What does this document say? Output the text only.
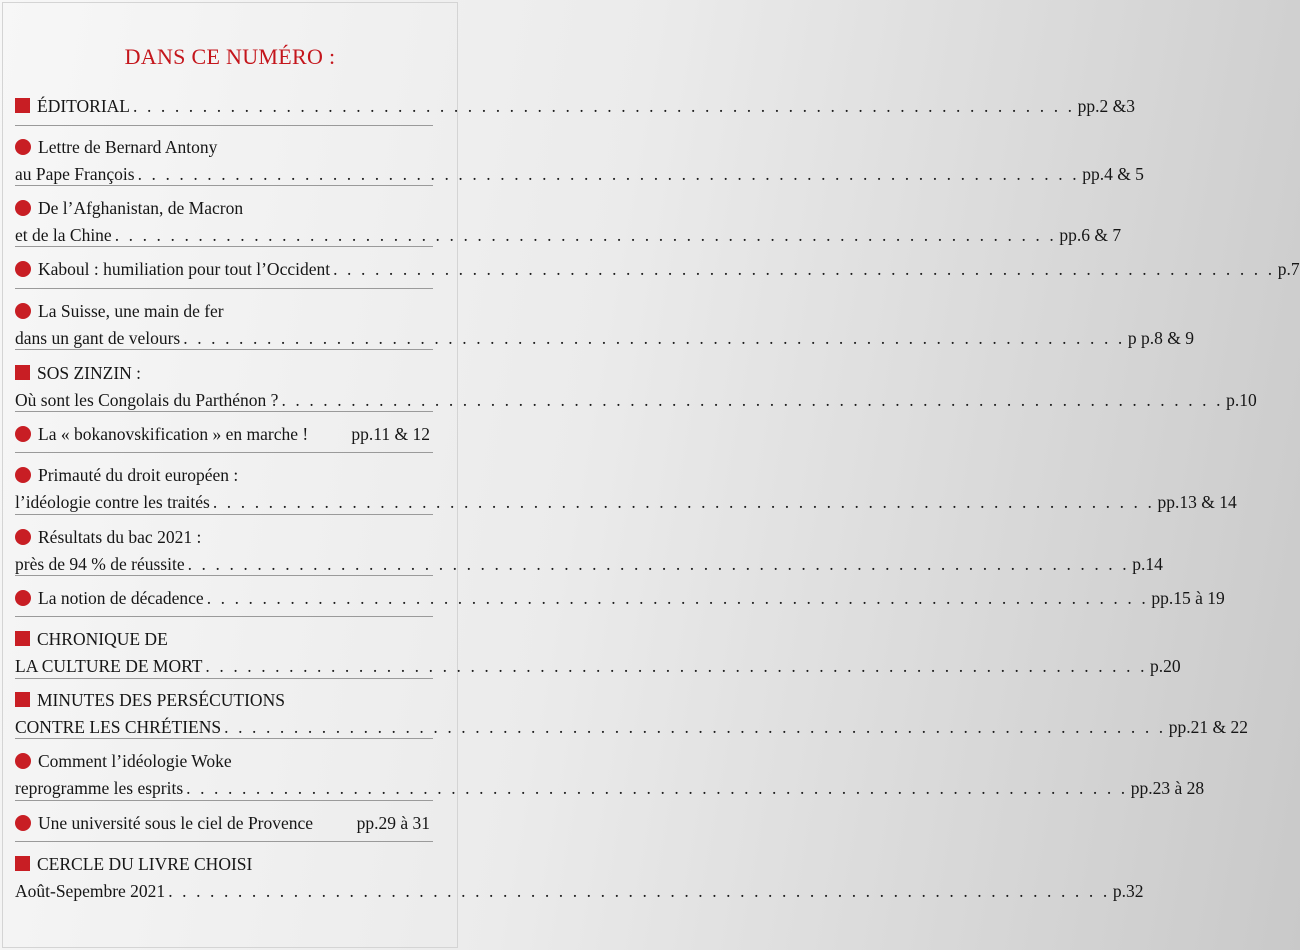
DANS CE NUMÉRO :
ÉDITORIAL . . . . . . . . . . . . . . . . . . . . . . . . . . . . . . . . . . . . . . . . . . . . . . . . . . . . . . . . . . . . . . . . . . . . pp.2 &3
Lettre de Bernard Antony
au Pape François . . . . . . . . . . . . . . . . . . . . . . . . . . . . . . . . . . . . . . . . . . . . . . . . . . . . . . . . . . . . . . . . . . . . pp.4 & 5
De l’Afghanistan, de Macron
et de la Chine . . . . . . . . . . . . . . . . . . . . . . . . . . . . . . . . . . . . . . . . . . . . . . . . . . . . . . . . . . . . . . . . . . . . pp.6 & 7
Kaboul : humiliation pour tout l’Occident . . . . . . . . . . . . . . . . . . . . . . . . . . . . . . . . . . . . . . . . . . . . . . . . . . . . . . . . . . . . . . . . . . . . p.7
La Suisse, une main de fer
dans un gant de velours . . . . . . . . . . . . . . . . . . . . . . . . . . . . . . . . . . . . . . . . . . . . . . . . . . . . . . . . . . . . . . . . . . . . p p.8 & 9
SOS ZINZIN :
Où sont les Congolais du Parthénon ? . . . . . . . . . . . . . . . . . . . . . . . . . . . . . . . . . . . . . . . . . . . . . . . . . . . . . . . . . . . . . . . . . . . . p.10
La « bokanovskification » en marche ! pp.11 & 12
Primauté du droit européen :
l’idéologie contre les traités . . . . . . . . . . . . . . . . . . . . . . . . . . . . . . . . . . . . . . . . . . . . . . . . . . . . . . . . . . . . . . . . . . . . pp.13 & 14
Résultats du bac 2021 :
près de 94 % de réussite . . . . . . . . . . . . . . . . . . . . . . . . . . . . . . . . . . . . . . . . . . . . . . . . . . . . . . . . . . . . . . . . . . . . p.14
La notion de décadence . . . . . . . . . . . . . . . . . . . . . . . . . . . . . . . . . . . . . . . . . . . . . . . . . . . . . . . . . . . . . . . . . . . . pp.15 à 19
CHRONIQUE DE
LA CULTURE DE MORT . . . . . . . . . . . . . . . . . . . . . . . . . . . . . . . . . . . . . . . . . . . . . . . . . . . . . . . . . . . . . . . . . . . . p.20
MINUTES DES PERSÉCUTIONS
CONTRE LES CHRÉTIENS . . . . . . . . . . . . . . . . . . . . . . . . . . . . . . . . . . . . . . . . . . . . . . . . . . . . . . . . . . . . . . . . . . . . pp.21 & 22
Comment l’idéologie Woke
reprogramme les esprits . . . . . . . . . . . . . . . . . . . . . . . . . . . . . . . . . . . . . . . . . . . . . . . . . . . . . . . . . . . . . . . . . . . . pp.23 à 28
Une université sous le ciel de Provence pp.29 à 31
CERCLE DU LIVRE CHOISI
Août-Sepembre 2021 . . . . . . . . . . . . . . . . . . . . . . . . . . . . . . . . . . . . . . . . . . . . . . . . . . . . . . . . . . . . . . . . . . . . p.32
